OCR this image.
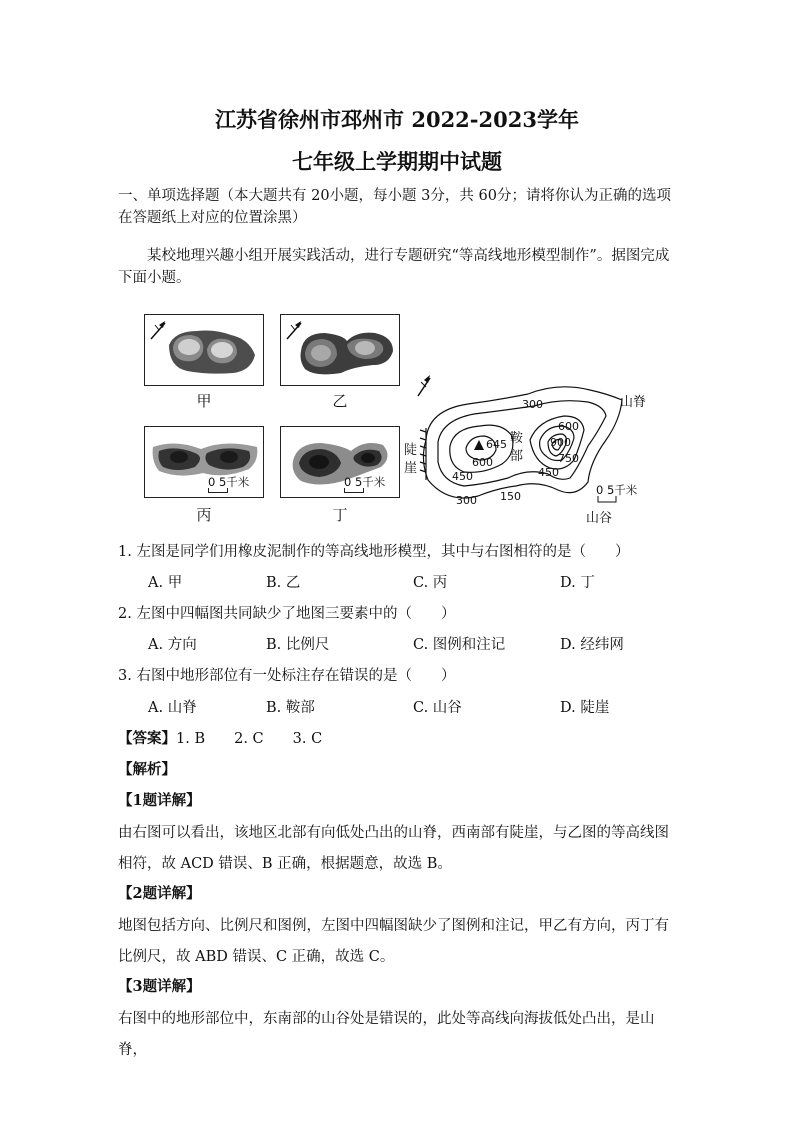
江苏省徐州市邳州市 2022-2023学年
七年级上学期期中试题
一、单项选择题（本大题共有 20小题，每小题 3分，共 60分；请将你认为正确的选项在答题纸上对应的位置涂黑）
某校地理兴趣小组开展实践活动，进行专题研究“等高线地形模型制作”。据图完成下面小题。
甲	乙
丙
0 5千米
丁
0 5千米
645
600
450
300
600
900
750
450
300 150
山脊
山谷
鞍
部
陡
崖
0 5千米
1. 左图是同学们用橡皮泥制作的等高线地形模型，其中与右图相符的是（　　）
A. 甲	B. 乙	C. 丙	D. 丁
2. 左图中四幅图共同缺少了地图三要素中的（　　）
A. 方向	B. 比例尺	C. 图例和注记	D. 经纬网
3. 右图中地形部位有一处标注存在错误的是（　　）
A. 山脊	B. 鞍部	C. 山谷	D. 陡崖
【答案】1. B　　2. C　　3. C
【解析】
【1题详解】
由右图可以看出，该地区北部有向低处凸出的山脊，西南部有陡崖，与乙图的等高线图相符，故 ACD 错误、B 正确，根据题意，故选 B。
【2题详解】
地图包括方向、比例尺和图例，左图中四幅图缺少了图例和注记，甲乙有方向，丙丁有比例尺，故 ABD 错误、C 正确，故选 C。
【3题详解】
右图中的地形部位中，东南部的山谷处是错误的，此处等高线向海拔低处凸出，是山脊，
